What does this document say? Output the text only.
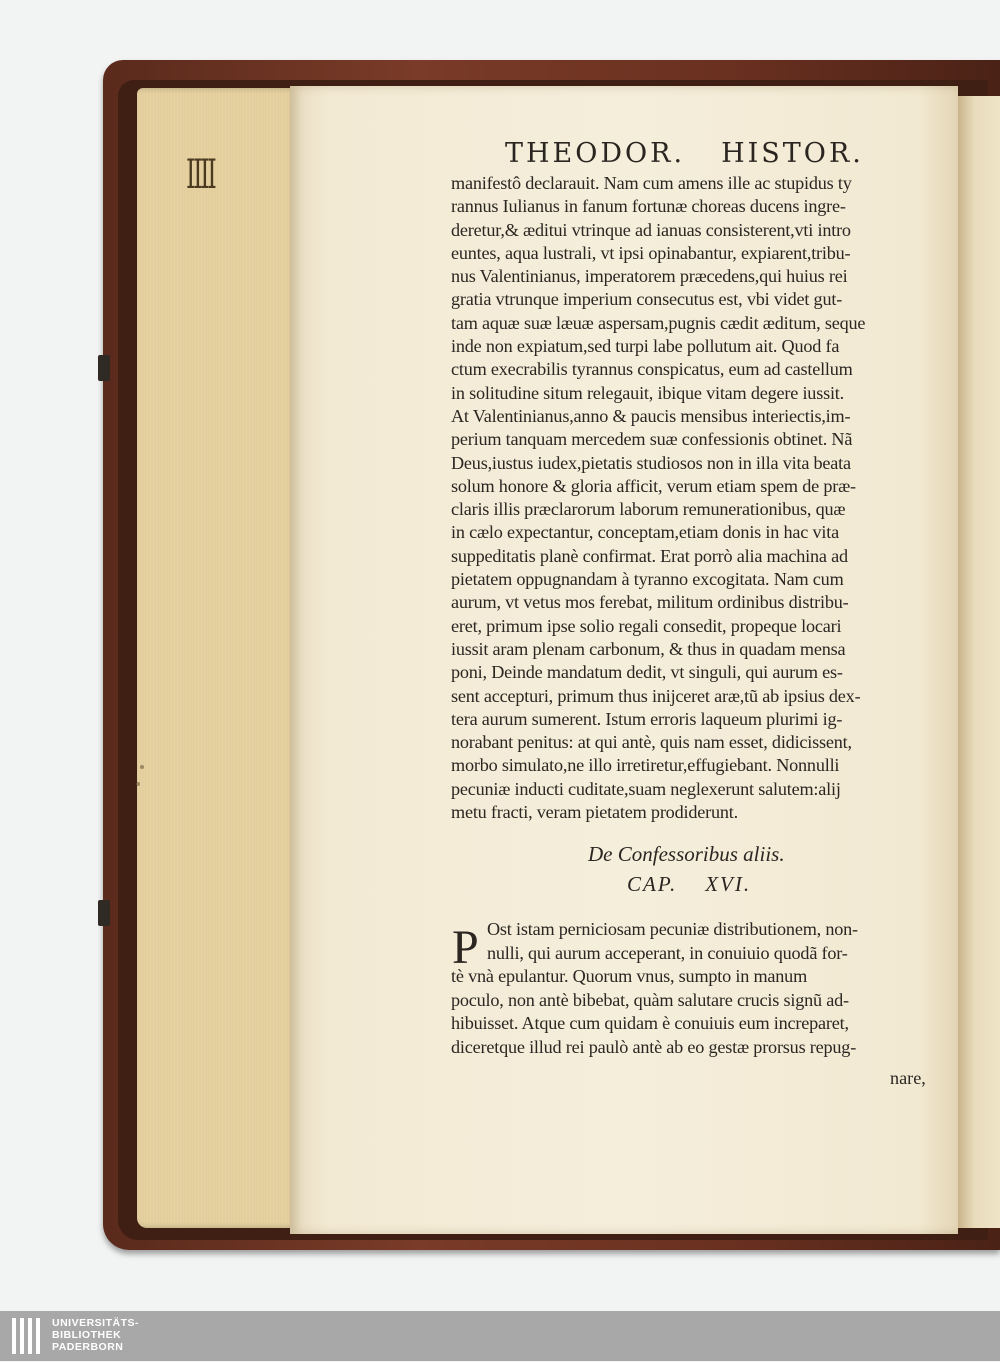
IIII	THEODOR. HISTOR.
manifestô declarauit. Nam cum amens ille ac stupidus ty
rannus Iulianus in fanum fortunæ choreas ducens ingre-
deretur,& æditui vtrinque ad ianuas consisterent,vti intro
euntes, aqua lustrali, vt ipsi opinabantur, expiarent,tribu-
nus Valentinianus, imperatorem præcedens,qui huius rei
gratia vtrunque imperium consecutus est, vbi videt gut-
tam aquæ suæ læuæ aspersam,pugnis cædit æditum, seque
inde non expiatum,sed turpi labe pollutum ait. Quod fa
ctum execrabilis tyrannus conspicatus, eum ad castellum
in solitudine situm relegauit, ibique vitam degere iussit.
At Valentinianus,anno & paucis mensibus interiectis,im-
perium tanquam mercedem suæ confessionis obtinet. Nã
Deus,iustus iudex,pietatis studiosos non in illa vita beata
solum honore & gloria afficit, verum etiam spem de præ-
claris illis præclarorum laborum remunerationibus, quæ
in cælo expectantur, conceptam,etiam donis in hac vita
suppeditatis planè confirmat. Erat porrò alia machina ad
pietatem oppugnandam à tyranno excogitata. Nam cum
aurum, vt vetus mos ferebat, militum ordinibus distribu-
eret, primum ipse solio regali consedit, propeque locari
iussit aram plenam carbonum, & thus in quadam mensa
poni, Deinde mandatum dedit, vt singuli, qui aurum es-
sent accepturi, primum thus inijceret aræ,tũ ab ipsius dex-
tera aurum sumerent. Istum erroris laqueum plurimi ig-
norabant penitus: at qui antè, quis nam esset, didicissent,
morbo simulato,ne illo irretiretur,effugiebant. Nonnulli
pecuniæ inducti cuditate,suam neglexerunt salutem:alij
metu fracti, veram pietatem prodiderunt.
De Confessoribus aliis.
CAP. XVI.
P Ost istam perniciosam pecuniæ distributionem, non-
nulli, qui aurum acceperant, in conuiuio quodã for-
tè vnà epulantur. Quorum vnus, sumpto in manum
poculo, non antè bibebat, quàm salutare crucis signũ ad-
hibuisset. Atque cum quidam è conuiuis eum increparet,
diceretque illud rei paulò antè ab eo gestæ prorsus repug-
nare,
UNIVERSITÄTS-
BIBLIOTHEK
PADERBORN
